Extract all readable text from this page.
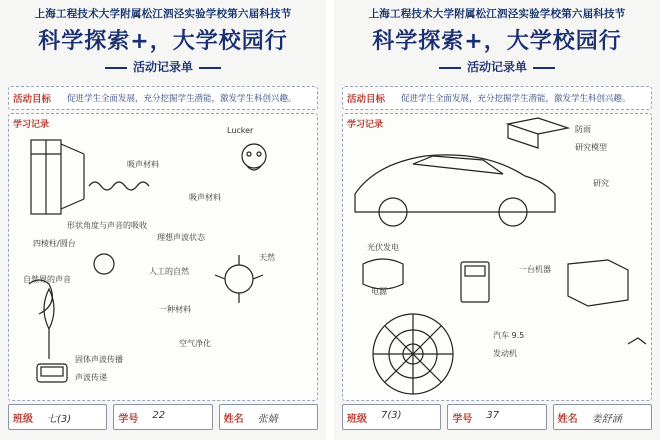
上海工程技术大学附属松江泗泾实验学校第六届科技节
科学探索+，大学校园行
活动记录单
活动目标 促进学生全面发展，充分挖掘学生潜能，激发学生科创兴趣。
学习记录
Lucker
吸声材料
吸声材料
形状角度与声音的吸收
四棱柱/圆台
理想声波状态
人工的自然
自然界的声音
一种材料
固体声波传播
声波传递
天然
空气净化
班级 七(3)	学号 22	姓名 张婧
上海工程技术大学附属松江泗泾实验学校第六届科技节
科学探索+，大学校园行
活动记录单
活动目标 促进学生全面发展，充分挖掘学生潜能，激发学生科创兴趣。
学习记录	防雨
研究模型
研究
光伏发电
电源
一台机器
汽车 9.5
发动机
班级 7(3)	学号 37	姓名 姜舒涵
